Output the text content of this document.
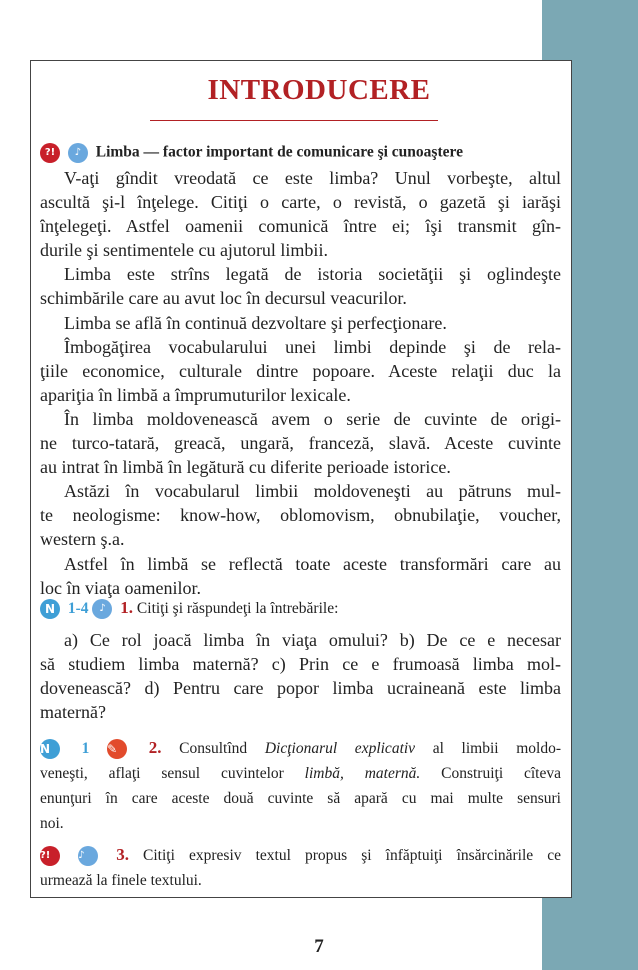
INTRODUCERE
?! ♪ Limba — factor important de comunicare şi cunoaştere
V-aţi gîndit vreodată ce este limba? Unul vorbeşte, altul
ascultă şi-l înţelege. Citiţi o carte, o revistă, o gazetă şi iarăşi
înţelegeţi. Astfel oamenii comunică între ei; îşi transmit gîn-
durile şi sentimentele cu ajutorul limbii.
Limba este strîns legată de istoria societăţii şi oglindeşte
schimbările care au avut loc în decursul veacurilor.
Limba se află în continuă dezvoltare şi perfecţionare.
Îmbogăţirea vocabularului unei limbi depinde şi de rela-
ţiile economice, culturale dintre popoare. Aceste relaţii duc la
apariţia în limbă a împrumuturilor lexicale.
În limba moldovenească avem o serie de cuvinte de origi-
ne turco-tatară, greacă, ungară, franceză, slavă. Aceste cuvinte
au intrat în limbă în legătură cu diferite perioade istorice.
Astăzi în vocabularul limbii moldoveneşti au pătruns mul-
te neologisme: know-how, oblomovism, obnubilaţie, voucher,
western ş.a.
Astfel în limbă se reflectă toate aceste transformări care au
loc în viaţa oamenilor.
N 1-4 ♪ 1. Citiţi şi răspundeţi la întrebările:
a) Ce rol joacă limba în viaţa omului? b) De ce e necesar
să studiem limba maternă? c) Prin ce e frumoasă limba mol-
dovenească? d) Pentru care popor limba ucraineană este limba
maternă?
N 1 ✎ 2. Consultînd Dicţionarul explicativ al limbii moldo-
veneşti, aflaţi sensul cuvintelor limbă, maternă. Construiţi cîteva
enunţuri în care aceste două cuvinte să apară cu mai multe sensuri
noi.
?!	♪ 3. Citiţi expresiv textul propus şi înfăptuiţi însărcinările ce
urmează la finele textului.
7
